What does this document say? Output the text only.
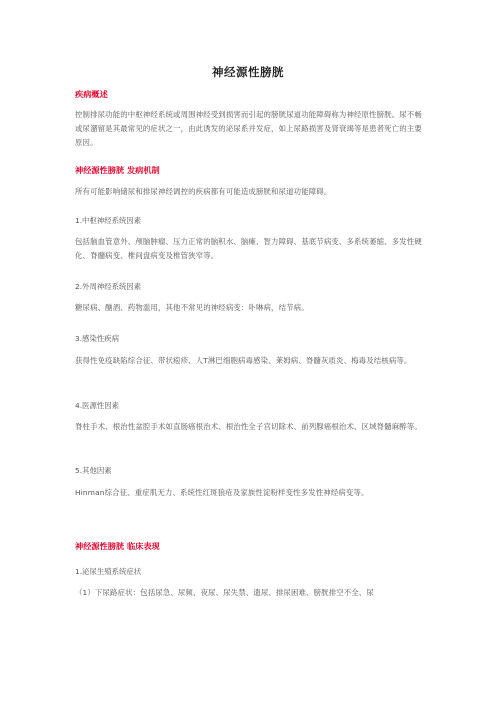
神经源性膀胱
疾病概述
控制排尿功能的中枢神经系统或周围神经受到损害而引起的膀胱尿道功能障碍称为神经原性膀胱。尿不畅或尿潴留是其最常见的症状之一，由此诱发的泌尿系并发症，如上尿路损害及肾衰竭等是患者死亡的主要原因。
神经源性膀胱 发病机制
所有可能影响储尿和排尿神经调控的疾病都有可能造成膀胱和尿道功能障碍。
1.中枢神经系统因素
包括脑血管意外、颅脑肿瘤、压力正常的脑积水、脑瘫、智力障碍、基底节病变、多系统萎缩、多发性硬化、脊髓病变、椎间盘病变及椎管狭窄等。
2.外周神经系统因素
糖尿病、酗酒、药物滥用，其他不常见的神经病变：卟啉病，结节病。
3.感染性疾病
获得性免疫缺陷综合征、带状疱疹、人T淋巴细胞病毒感染、莱姆病、脊髓灰质炎、梅毒及结核病等。
4.医源性因素
脊柱手术、根治性盆腔手术如直肠癌根治术、根治性全子宫切除术、前列腺癌根治术、区域脊髓麻醉等。
5.其他因素
Hinman综合征、重症肌无力、系统性红斑狼疮及家族性淀粉样变性多发性神经病变等。
神经源性膀胱 临床表现
1.泌尿生殖系统症状
（1）下尿路症状：包括尿急、尿频、夜尿、尿失禁、遗尿、排尿困难、膀胱排空不全、尿
